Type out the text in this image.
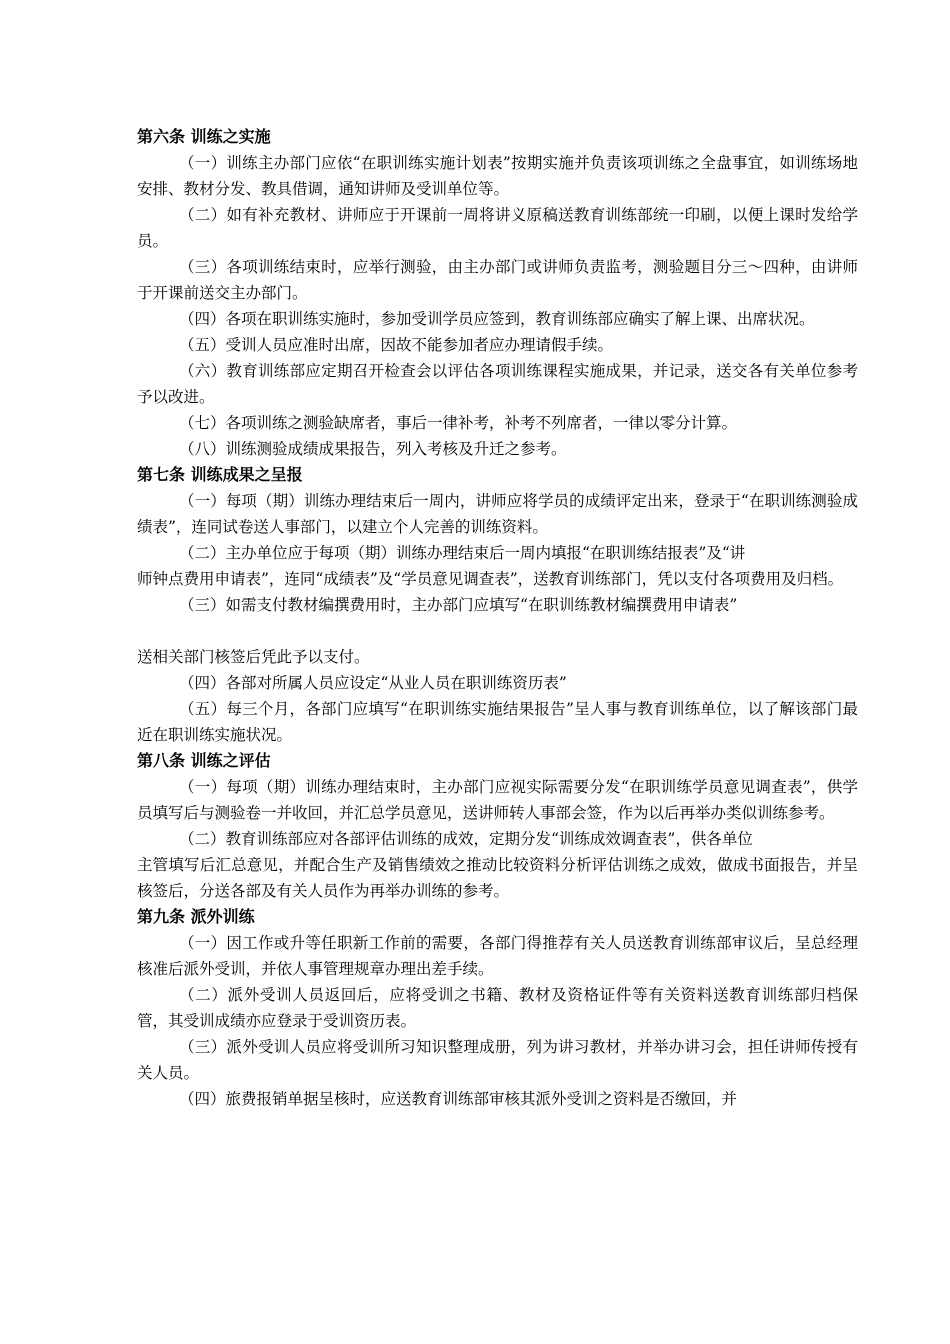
第六条 训练之实施

（一）训练主办部门应依“在职训练实施计划表”按期实施并负责该项训练之全盘事宜，如训练场地安排、教材分发、教具借调，通知讲师及受训单位等。

（二）如有补充教材、讲师应于开课前一周将讲义原稿送教育训练部统一印刷，以便上课时发给学员。

（三）各项训练结束时，应举行测验，由主办部门或讲师负责监考，测验题目分三～四种，由讲师于开课前送交主办部门。

（四）各项在职训练实施时，参加受训学员应签到，教育训练部应确实了解上课、出席状况。

（五）受训人员应准时出席，因故不能参加者应办理请假手续。

（六）教育训练部应定期召开检查会以评估各项训练课程实施成果，并记录，送交各有关单位参考予以改进。

（七）各项训练之测验缺席者，事后一律补考，补考不列席者，一律以零分计算。

（八）训练测验成绩成果报告，列入考核及升迁之参考。

第七条 训练成果之呈报

（一）每项（期）训练办理结束后一周内，讲师应将学员的成绩评定出来，登录于“在职训练测验成绩表”，连同试卷送人事部门，以建立个人完善的训练资料。

（二）主办单位应于每项（期）训练办理结束后一周内填报“在职训练结报表”及“讲

师钟点费用申请表”，连同“成绩表”及“学员意见调查表”，送教育训练部门，凭以支付各项费用及归档。

（三）如需支付教材编撰费用时，主办部门应填写“在职训练教材编撰费用申请表”

送相关部门核签后凭此予以支付。

（四）各部对所属人员应设定“从业人员在职训练资历表”

（五）每三个月，各部门应填写“在职训练实施结果报告”呈人事与教育训练单位，以了解该部门最近在职训练实施状况。

第八条 训练之评估

（一）每项（期）训练办理结束时，主办部门应视实际需要分发“在职训练学员意见调查表”，供学员填写后与测验卷一并收回，并汇总学员意见，送讲师转人事部会签，作为以后再举办类似训练参考。

（二）教育训练部应对各部评估训练的成效，定期分发“训练成效调查表”，供各单位

主管填写后汇总意见，并配合生产及销售绩效之推动比较资料分析评估训练之成效，做成书面报告，并呈核签后，分送各部及有关人员作为再举办训练的参考。

第九条 派外训练

（一）因工作或升等任职新工作前的需要，各部门得推荐有关人员送教育训练部审议后，呈总经理核准后派外受训，并依人事管理规章办理出差手续。

（二）派外受训人员返回后，应将受训之书籍、教材及资格证件等有关资料送教育训练部归档保管，其受训成绩亦应登录于受训资历表。

（三）派外受训人员应将受训所习知识整理成册，列为讲习教材，并举办讲习会，担任讲师传授有关人员。

（四）旅费报销单据呈核时，应送教育训练部审核其派外受训之资料是否缴回，并
